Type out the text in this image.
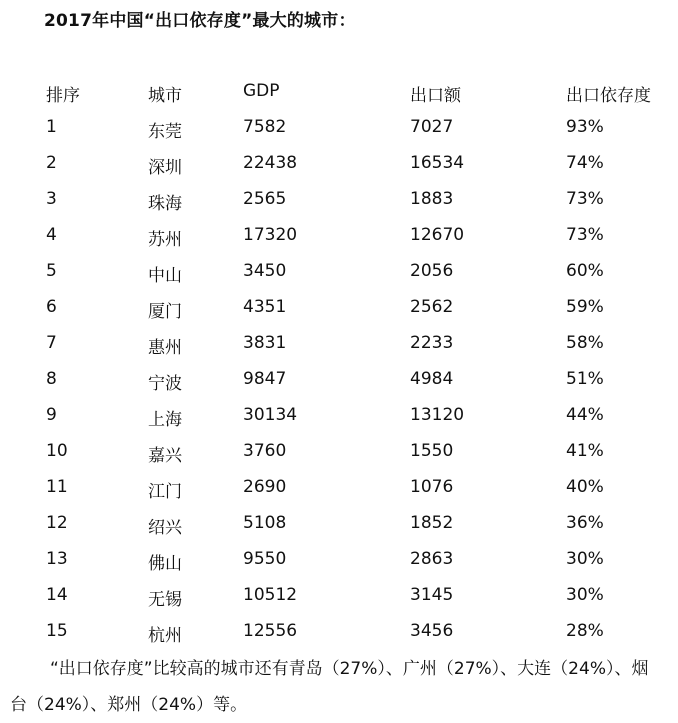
2017年中国“出口依存度”最大的城市：
排序	城市	GDP	出口额	出口依存度
1	东莞	7582	7027	93%
2	深圳	22438	16534	74%
3	珠海	2565	1883	73%
4	苏州	17320	12670	73%
5	中山	3450	2056	60%
6	厦门	4351	2562	59%
7	惠州	3831	2233	58%
8	宁波	9847	4984	51%
9	上海	30134	13120	44%
10	嘉兴	3760	1550	41%
11	江门	2690	1076	40%
12	绍兴	5108	1852	36%
13	佛山	9550	2863	30%
14	无锡	10512	3145	30%
15	杭州	12556	3456	28%
“出口依存度”比较高的城市还有青岛（27%）、广州（27%）、大连（24%）、烟台（24%）、郑州（24%）等。
